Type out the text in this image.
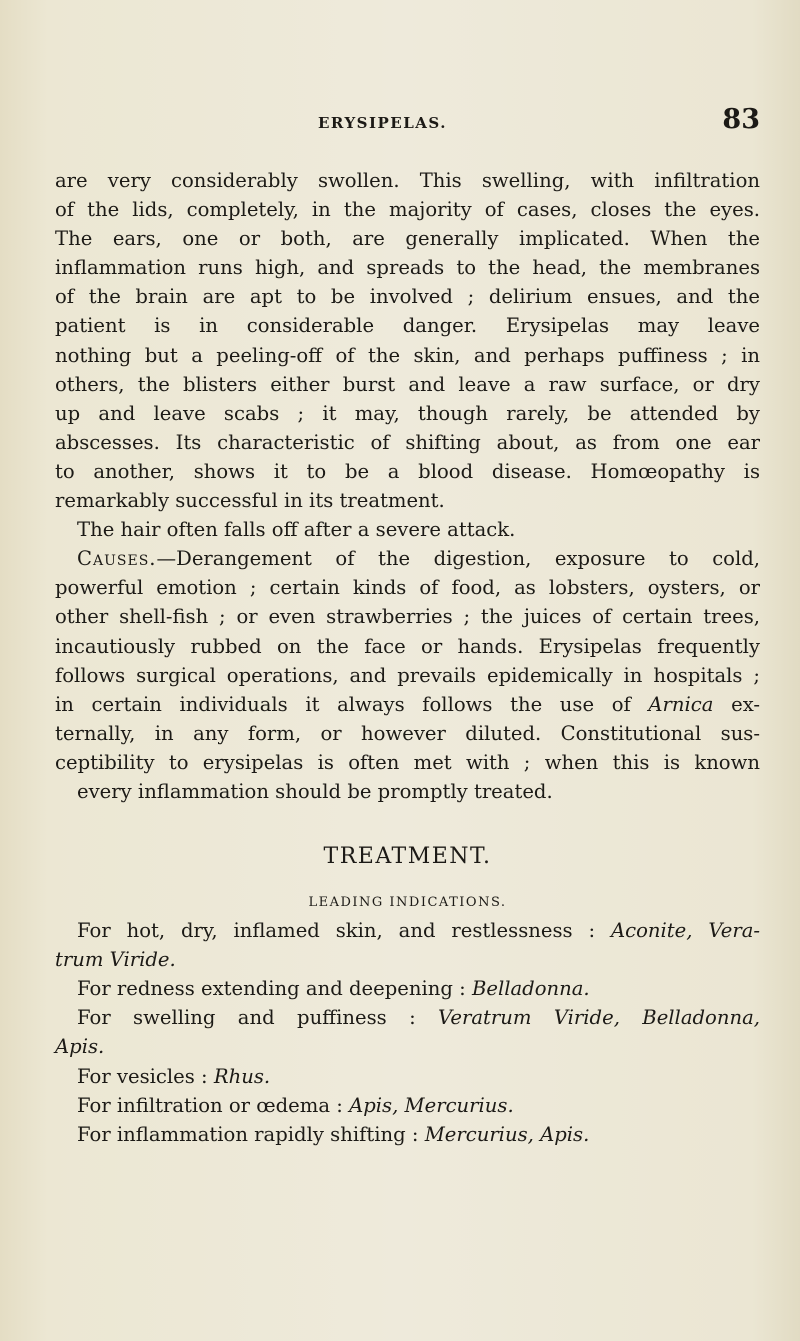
ERYSIPELAS.	83
are very considerably swollen. This swelling, with infiltration
of the lids, completely, in the majority of cases, closes the eyes.
The ears, one or both, are generally implicated. When the
inflammation runs high, and spreads to the head, the membranes
of the brain are apt to be involved ; delirium ensues, and the
patient is in considerable danger. Erysipelas may leave
nothing but a peeling-off of the skin, and perhaps puffiness ; in
others, the blisters either burst and leave a raw surface, or dry
up and leave scabs ; it may, though rarely, be attended by
abscesses. Its characteristic of shifting about, as from one ear
to another, shows it to be a blood disease. Homœopathy is
remarkably successful in its treatment.
The hair often falls off after a severe attack.
Causes.—Derangement of the digestion, exposure to cold,
powerful emotion ; certain kinds of food, as lobsters, oysters, or
other shell-fish ; or even strawberries ; the juices of certain trees,
incautiously rubbed on the face or hands. Erysipelas frequently
follows surgical operations, and prevails epidemically in hospitals ;
in certain individuals it always follows the use of Arnica ex-
ternally, in any form, or however diluted. Constitutional sus-
ceptibility to erysipelas is often met with ; when this is known
every inflammation should be promptly treated.
TREATMENT.
LEADING INDICATIONS.
For hot, dry, inflamed skin, and restlessness : Aconite, Vera-
trum Viride.
For redness extending and deepening : Belladonna.
For swelling and puffiness : Veratrum Viride, Belladonna,
Apis.
For vesicles : Rhus.
For infiltration or œdema : Apis, Mercurius.
For inflammation rapidly shifting : Mercurius, Apis.
